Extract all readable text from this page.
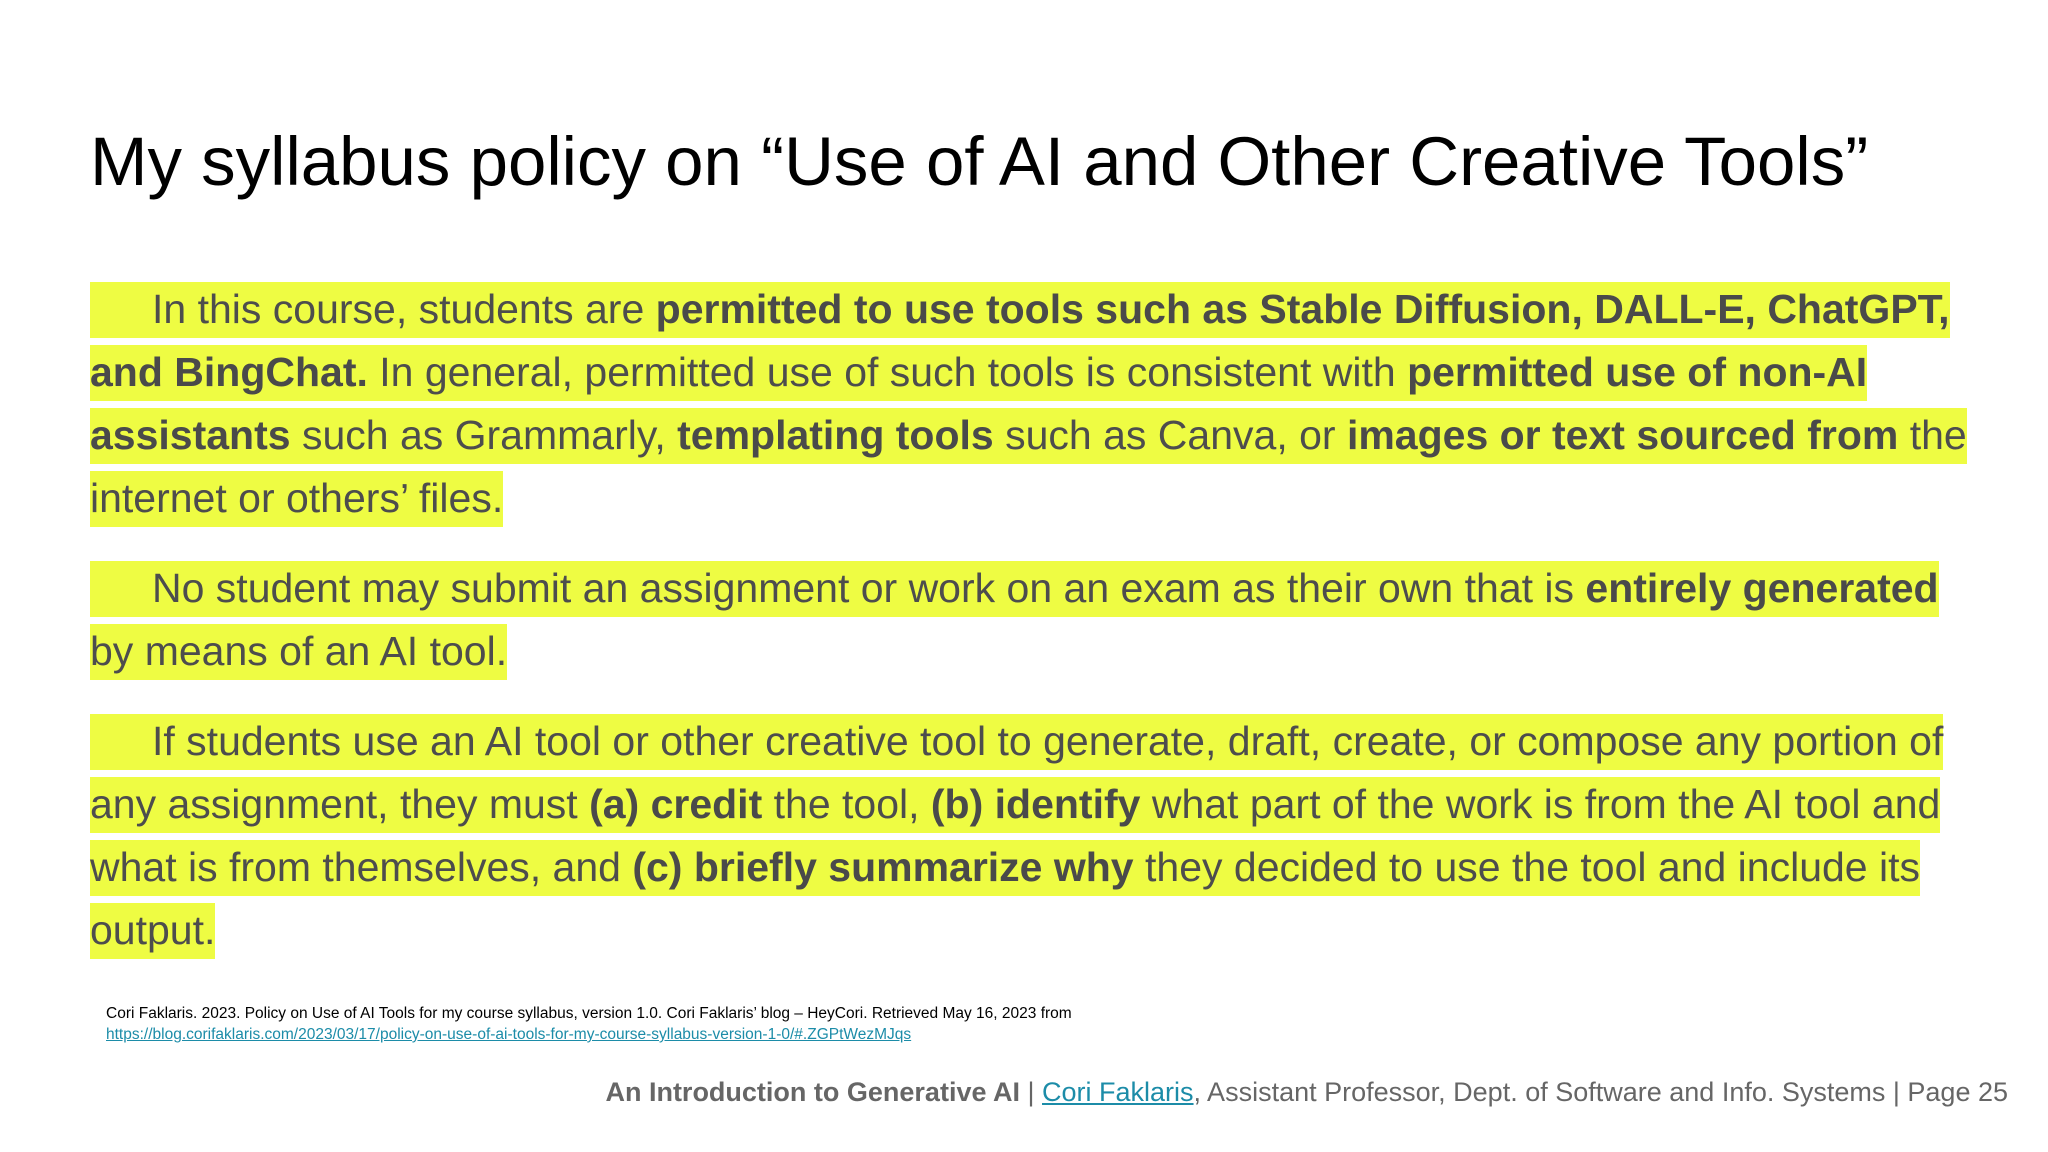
My syllabus policy on “Use of AI and Other Creative Tools”

In this course, students are permitted to use tools such as Stable Diffusion, DALL-E, ChatGPT, and BingChat. In general, permitted use of such tools is consistent with permitted use of non-AI assistants such as Grammarly, templating tools such as Canva, or images or text sourced from the internet or others’ files.

No student may submit an assignment or work on an exam as their own that is entirely generated by means of an AI tool.

If students use an AI tool or other creative tool to generate, draft, create, or compose any portion of any assignment, they must (a) credit the tool, (b) identify what part of the work is from the AI tool and what is from themselves, and (c) briefly summarize why they decided to use the tool and include its output.

Cori Faklaris. 2023. Policy on Use of AI Tools for my course syllabus, version 1.0. Cori Faklaris’ blog – HeyCori. Retrieved May 16, 2023 from
https://blog.corifaklaris.com/2023/03/17/policy-on-use-of-ai-tools-for-my-course-syllabus-version-1-0/#.ZGPtWezMJqs
An Introduction to Generative AI | Cori Faklaris, Assistant Professor, Dept. of Software and Info. Systems | Page 25
